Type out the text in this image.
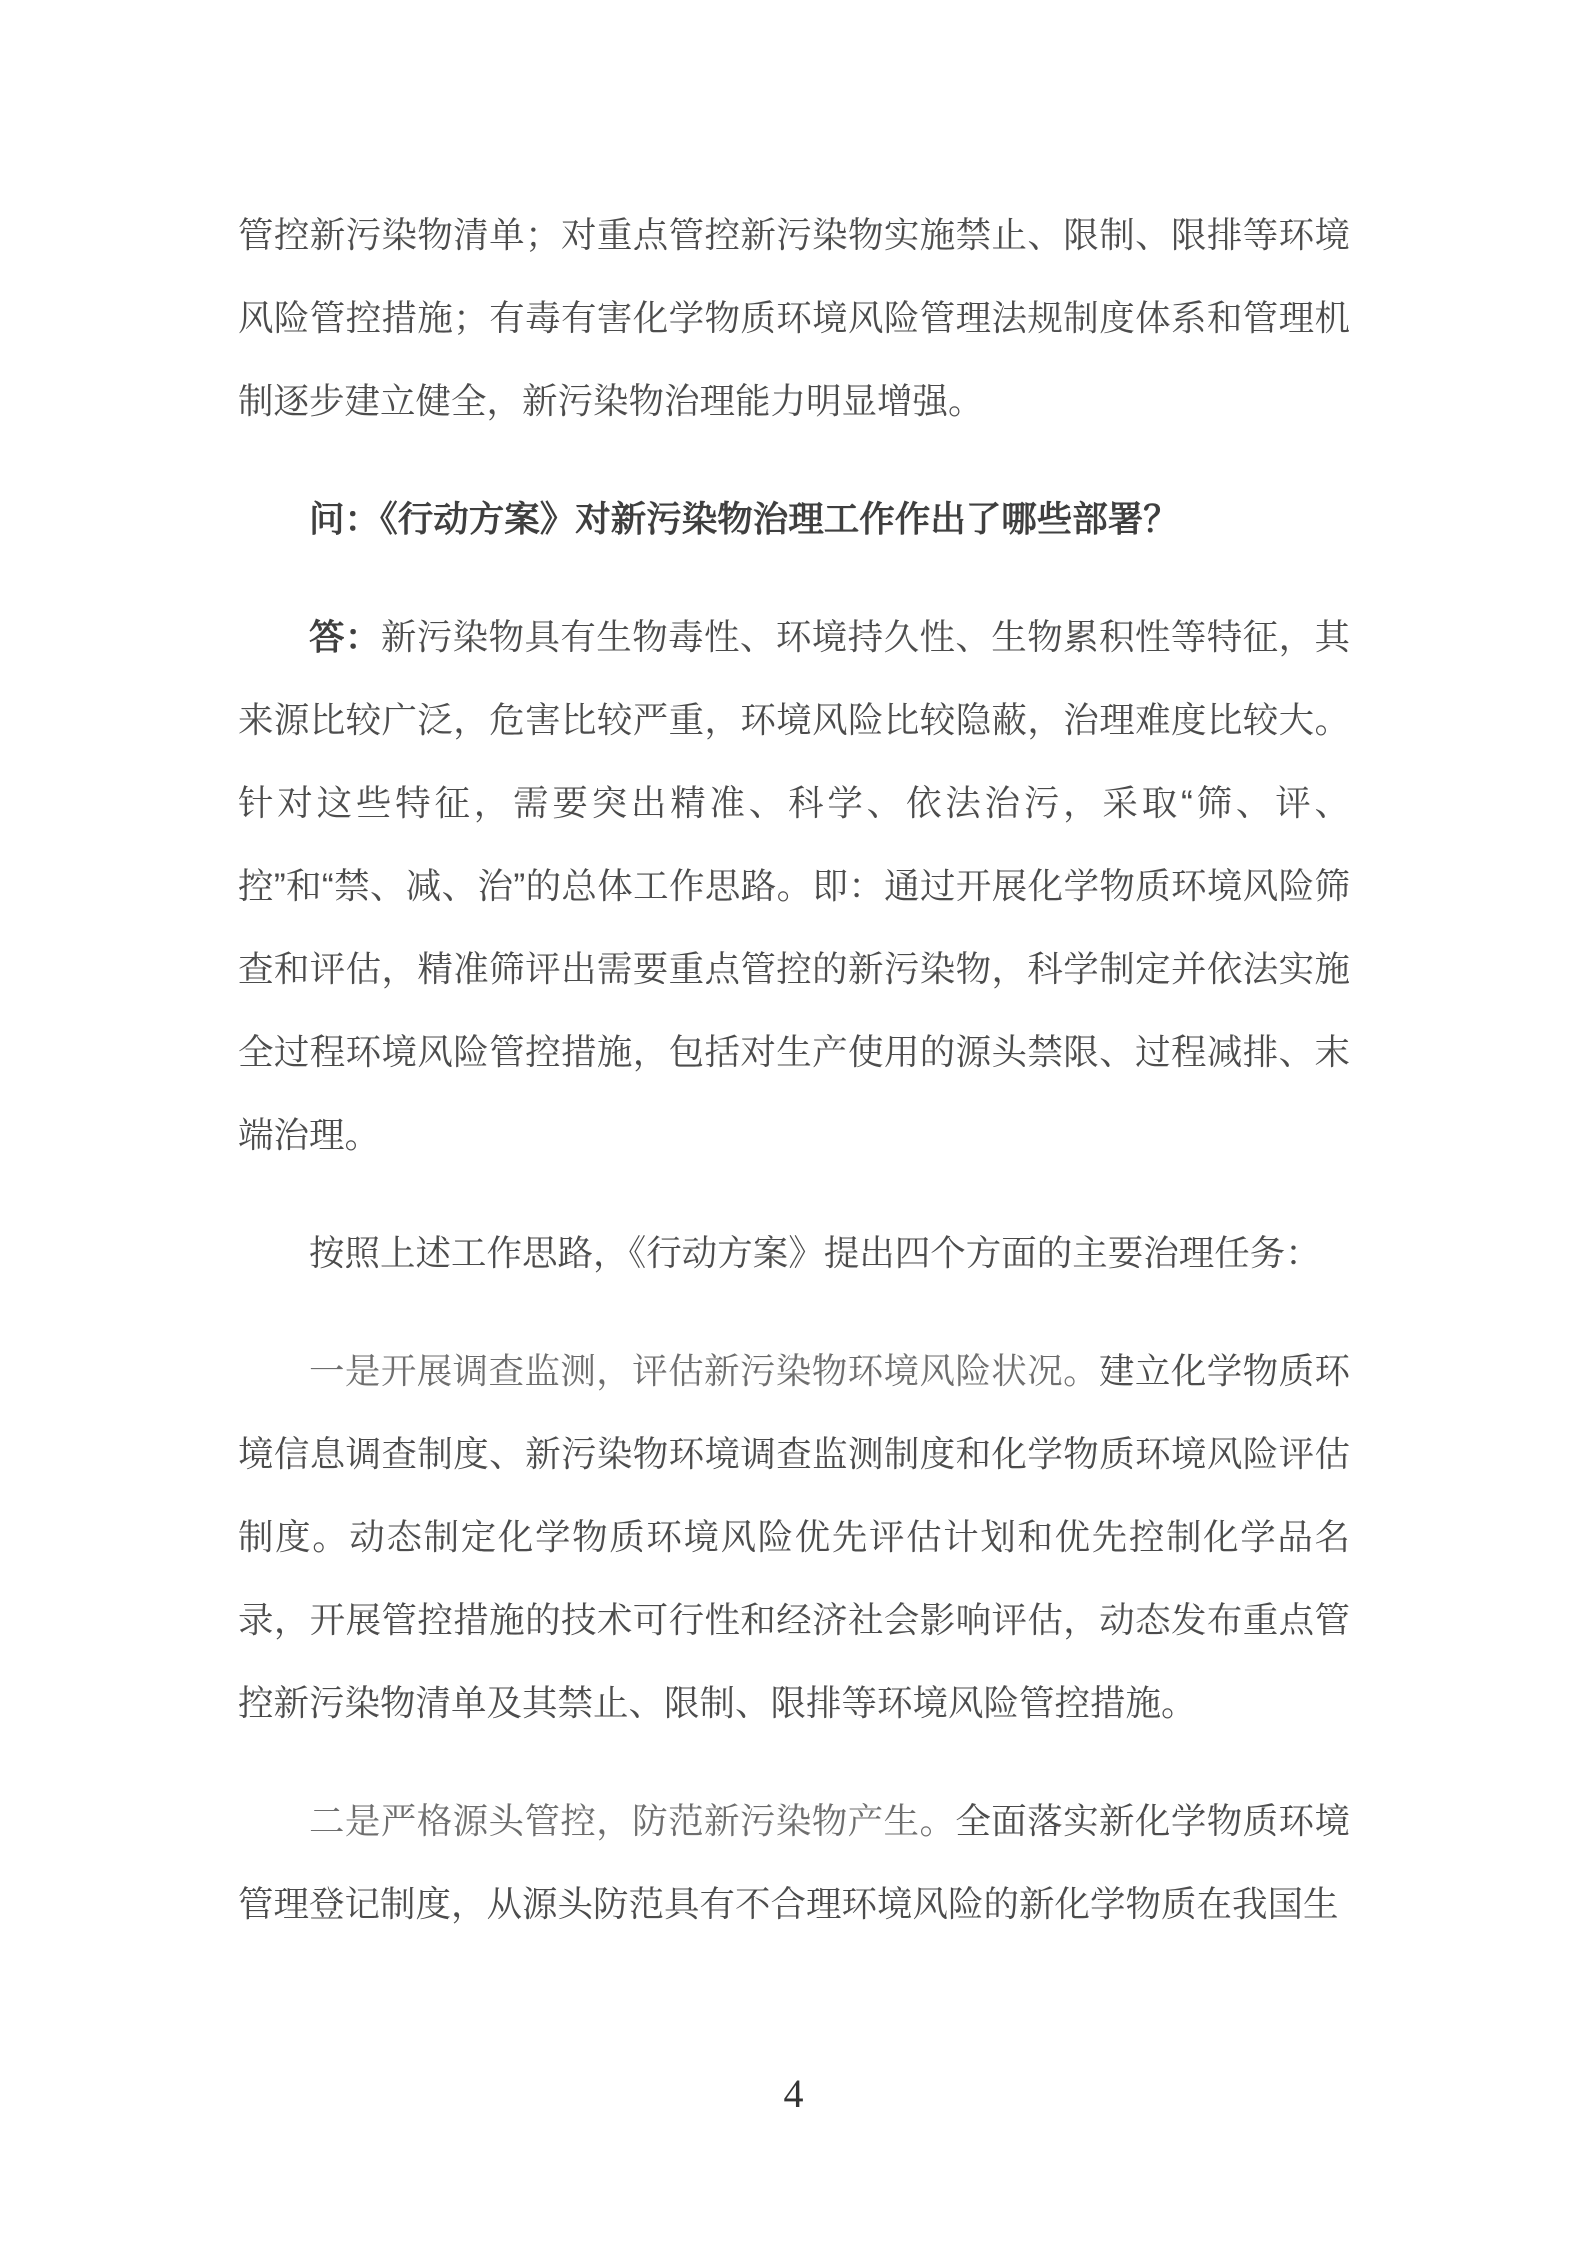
管控新污染物清单；对重点管控新污染物实施禁止、限制、限排等环境风险管控措施；有毒有害化学物质环境风险管理法规制度体系和管理机制逐步建立健全，新污染物治理能力明显增强。

问：《行动方案》对新污染物治理工作作出了哪些部署？

答：新污染物具有生物毒性、环境持久性、生物累积性等特征，其来源比较广泛，危害比较严重，环境风险比较隐蔽，治理难度比较大。针对这些特征，需要突出精准、科学、依法治污，采取“筛、评、控”和“禁、减、治”的总体工作思路。即：通过开展化学物质环境风险筛查和评估，精准筛评出需要重点管控的新污染物，科学制定并依法实施全过程环境风险管控措施，包括对生产使用的源头禁限、过程减排、末端治理。

按照上述工作思路，《行动方案》提出四个方面的主要治理任务：

一是开展调查监测，评估新污染物环境风险状况。建立化学物质环境信息调查制度、新污染物环境调查监测制度和化学物质环境风险评估制度。动态制定化学物质环境风险优先评估计划和优先控制化学品名录，开展管控措施的技术可行性和经济社会影响评估，动态发布重点管控新污染物清单及其禁止、限制、限排等环境风险管控措施。

二是严格源头管控，防范新污染物产生。全面落实新化学物质环境管理登记制度，从源头防范具有不合理环境风险的新化学物质在我国生

4
